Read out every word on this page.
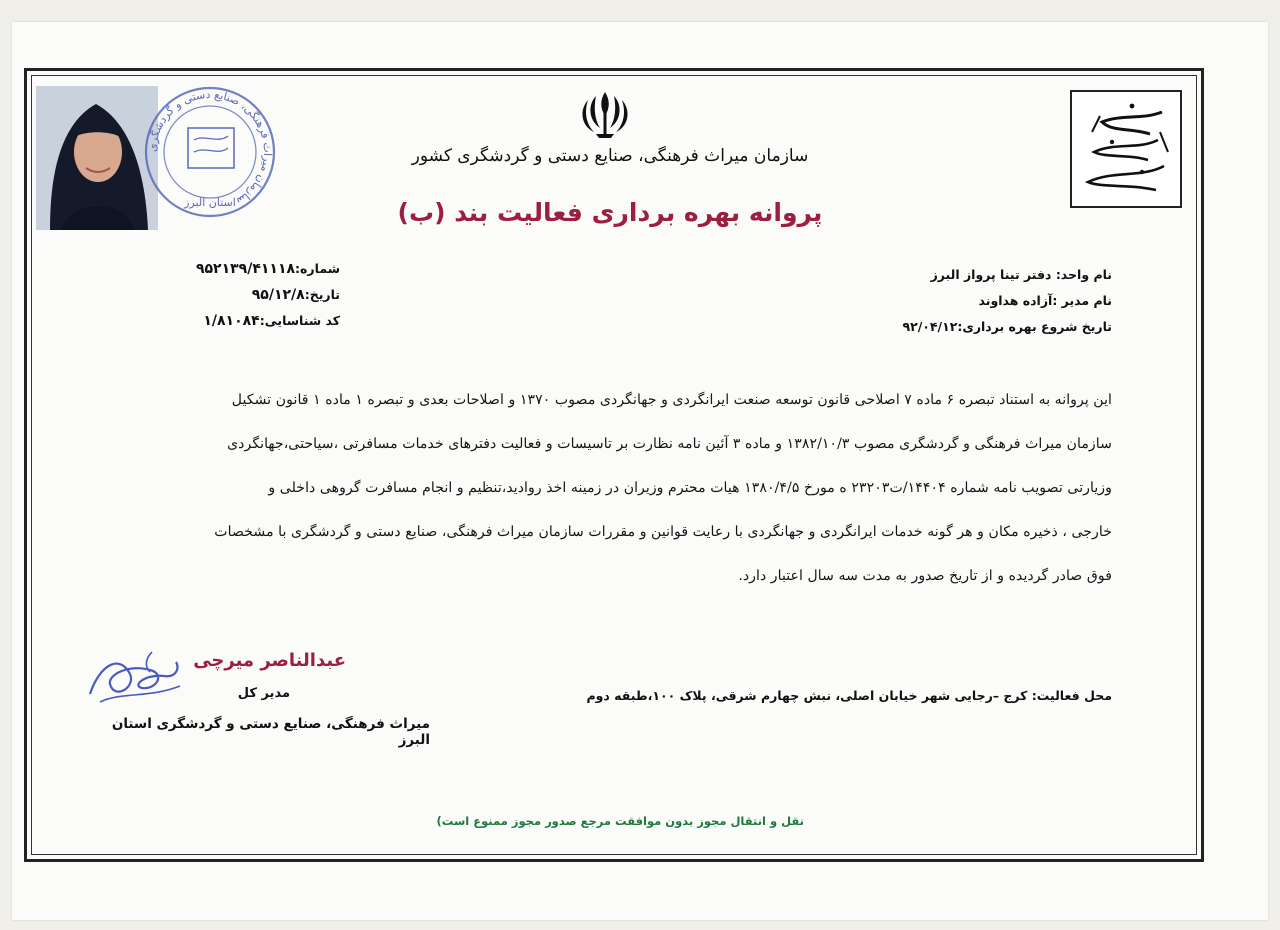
سازمان میراث فرهنگی، صنایع دستی و گردشگری
استان البرز
سازمان میراث فرهنگی، صنایع دستی و گردشگری کشور
پروانه بهره برداری فعالیت بند (ب)
نام واحد: دفتر تینا پرواز البرز
نام مدیر :آزاده هداوند
تاریخ شروع بهره برداری:۹۲/۰۴/۱۲
شماره:۹۵۲۱۳۹/۴۱۱۱۸
تاریخ:۹۵/۱۲/۸
کد شناسایی:۱/۸۱۰۸۴

این پروانه به استناد تبصره ۶ ماده ۷ اصلاحی قانون توسعه صنعت ایرانگردی و جهانگردی مصوب ۱۳۷۰ و اصلاحات بعدی و تبصره ۱ ماده ۱ قانون تشکیل

سازمان میراث فرهنگی و گردشگری مصوب ۱۳۸۲/۱۰/۳ و ماده ۳ آئین نامه نظارت بر تاسیسات و فعالیت دفترهای خدمات مسافرتی ،سیاحتی،جهانگردی

وزیارتی تصویب نامه شماره ۱۴۴۰۴/ت۲۳۲۰۳ ه مورخ ۱۳۸۰/۴/۵ هیات محترم وزیران در زمینه اخذ روادید،تنظیم و انجام مسافرت گروهی داخلی و

خارجی ، ذخیره مکان و هر گونه خدمات ایرانگردی و جهانگردی با رعایت قوانین و مقررات سازمان میراث فرهنگی، صنایع دستی و گردشگری با مشخصات

فوق صادر گردیده و از تاریخ صدور به مدت سه سال اعتبار دارد.

محل فعالیت: کرج –رجایی شهر خیابان اصلی، نبش چهارم شرقی، پلاک ۱۰۰،طبقه دوم
عبدالناصر میرچی
مدیر کل
میراث فرهنگی، صنایع دستی و گردشگری استان البرز
نقل و انتقال مجوز بدون موافقت مرجع صدور مجوز ممنوع است)
